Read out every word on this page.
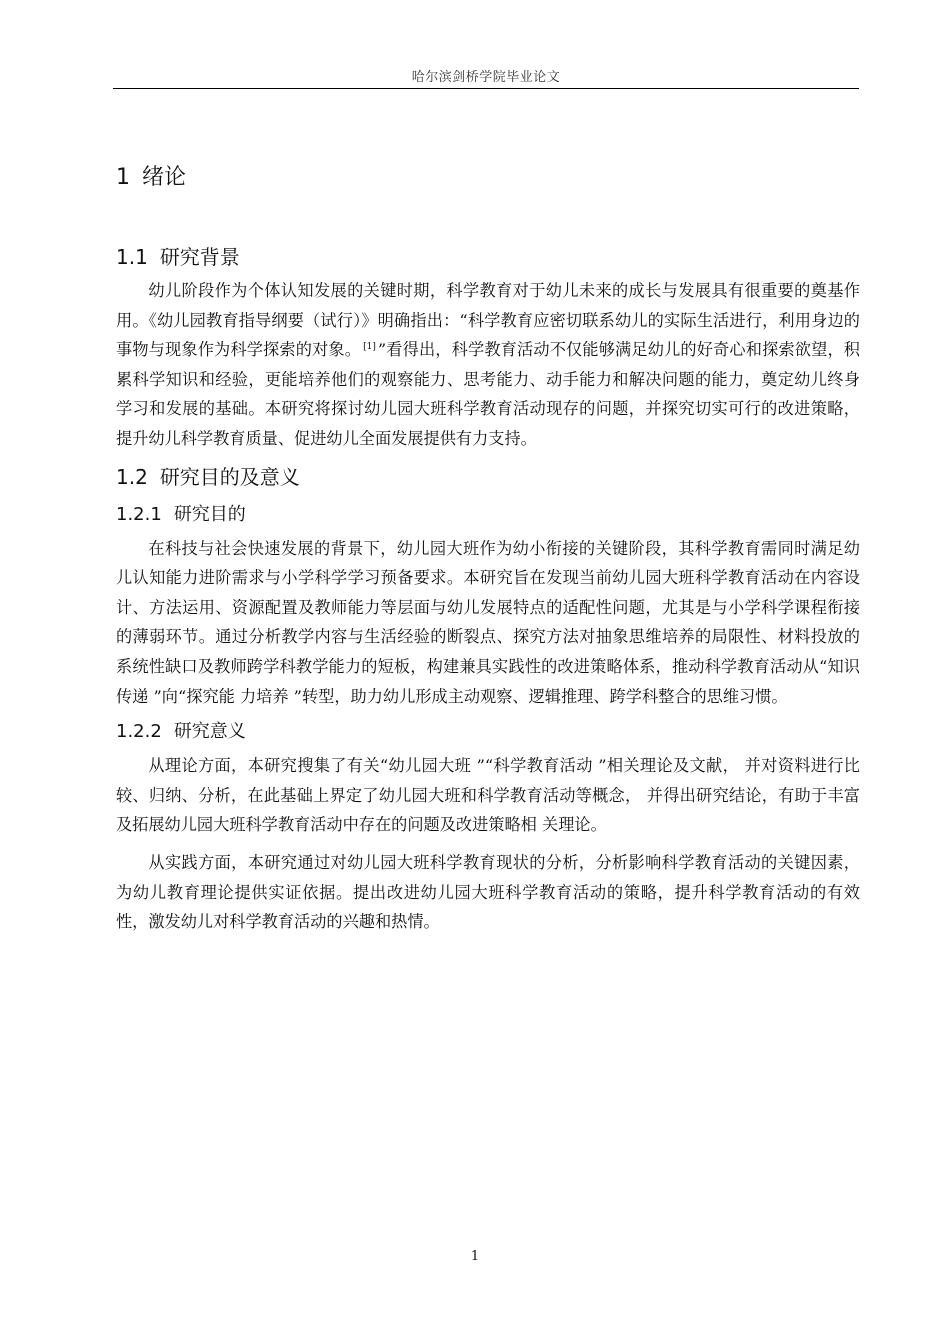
哈尔滨剑桥学院毕业论文
1 绪论
1.1 研究背景

幼儿阶段作为个体认知发展的关键时期，科学教育对于幼儿未来的成长与发展具有很重要的奠基作用。《幼儿园教育指导纲要（试行）》明确指出：“科学教育应密切联系幼儿的实际生活进行，利用身边的事物与现象作为科学探索的对象。 [1] ”看得出，科学教育活动不仅能够满足幼儿的好奇心和探索欲望，积累科学知识和经验，更能培养他们的观察能力、思考能力、动手能力和解决问题的能力，奠定幼儿终身学习和发展的基础。本研究将探讨幼儿园大班科学教育活动现存的问题，并探究切实可行的改进策略，提升幼儿科学教育质量、促进幼儿全面发展提供有力支持。

1.2 研究目的及意义
1.2.1 研究目的

在科技与社会快速发展的背景下，幼儿园大班作为幼小衔接的关键阶段，其科学教育需同时满足幼儿认知能力进阶需求与小学科学学习预备要求。本研究旨在发现当前幼儿园大班科学教育活动在内容设计、方法运用、资源配置及教师能力等层面与幼儿发展特点的适配性问题，尤其是与小学科学课程衔接的薄弱环节。通过分析教学内容与生活经验的断裂点、探究方法对抽象思维培养的局限性、材料投放的系统性缺口及教师跨学科教学能力的短板，构建兼具实践性的改进策略体系，推动科学教育活动从“知识传递 ”向“探究能 力培养 ”转型，助力幼儿形成主动观察、逻辑推理、跨学科整合的思维习惯。

1.2.2 研究意义

从理论方面，本研究搜集了有关“幼儿园大班 ”“科学教育活动 ”相关理论及文献， 并对资料进行比较、归纳、分析，在此基础上界定了幼儿园大班和科学教育活动等概念， 并得出研究结论，有助于丰富及拓展幼儿园大班科学教育活动中存在的问题及改进策略相 关理论。

从实践方面，本研究通过对幼儿园大班科学教育现状的分析，分析影响科学教育活动的关键因素，为幼儿教育理论提供实证依据。提出改进幼儿园大班科学教育活动的策略，提升科学教育活动的有效性，激发幼儿对科学教育活动的兴趣和热情。

1
